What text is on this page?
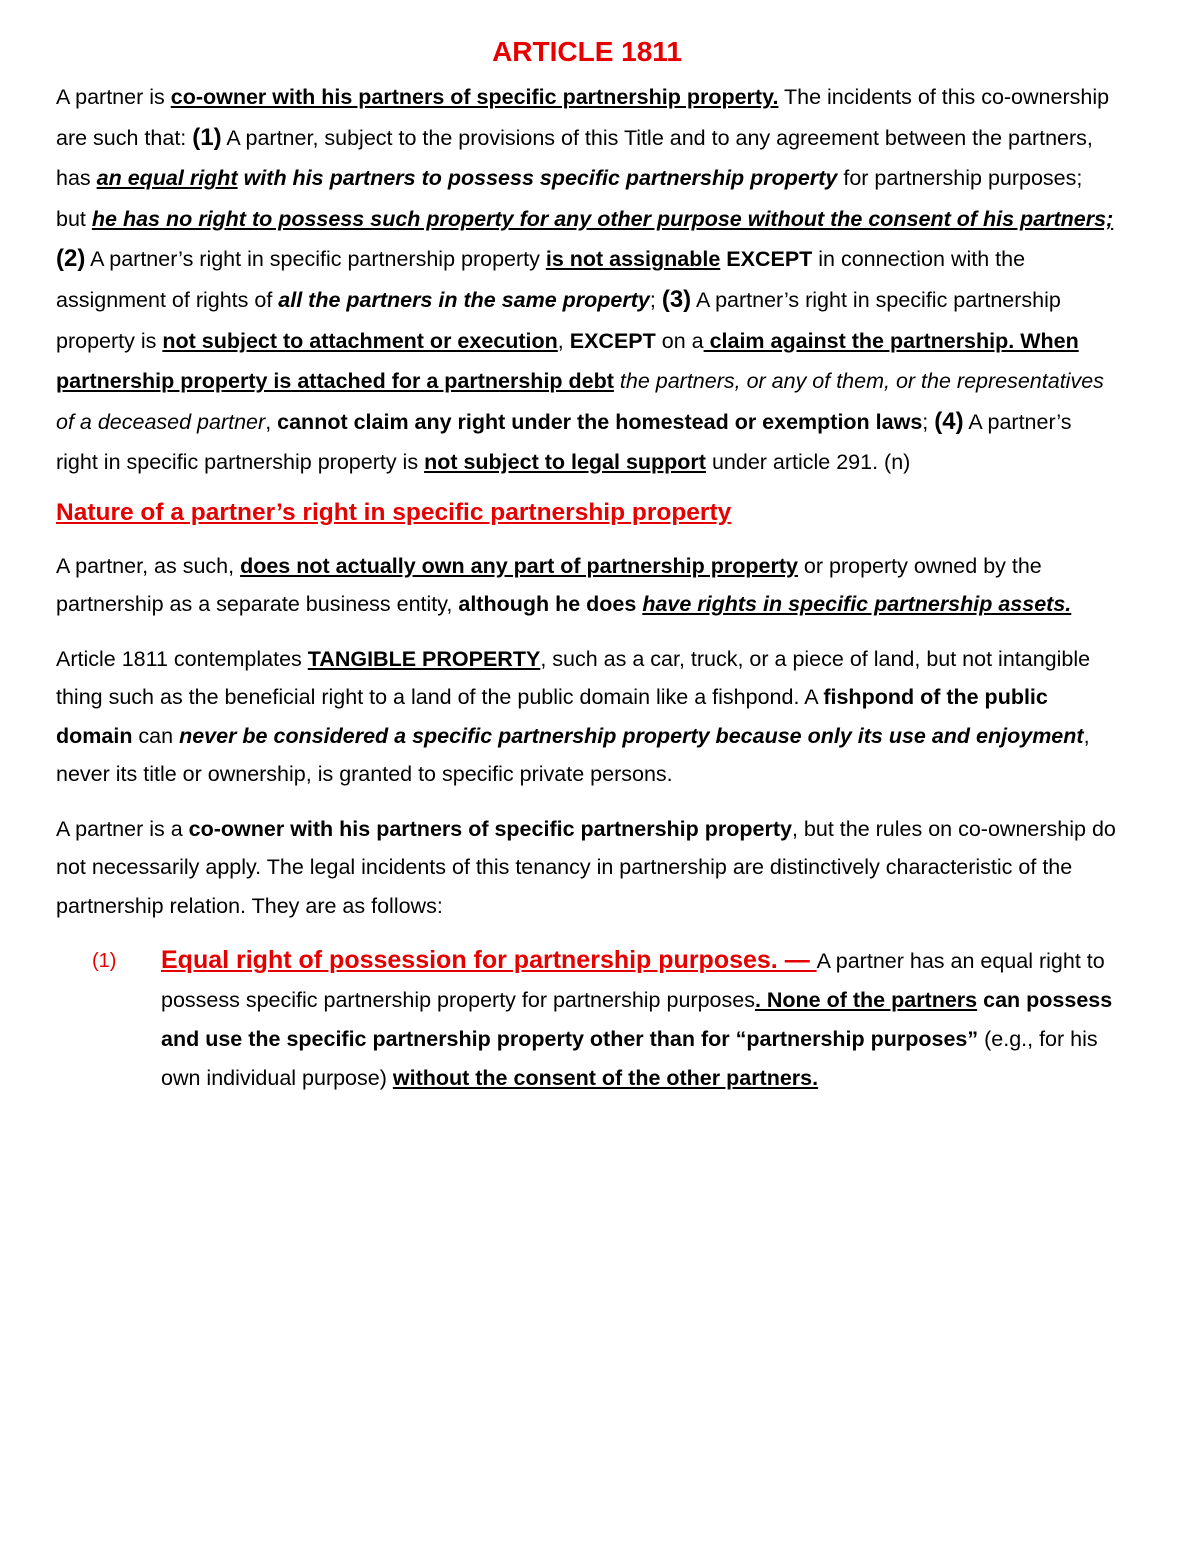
ARTICLE 1811

A partner is co-owner with his partners of specific partnership property. The incidents of this co-ownership are such that: (1) A partner, subject to the provisions of this Title and to any agreement between the partners, has an equal right with his partners to possess specific partnership property for partnership purposes; but he has no right to possess such property for any other purpose without the consent of his partners; (2) A partner’s right in specific partnership property is not assignable EXCEPT in connection with the assignment of rights of all the partners in the same property; (3) A partner’s right in specific partnership property is not subject to attachment or execution, EXCEPT on a claim against the partnership. When partnership property is attached for a partnership debt the partners, or any of them, or the representatives of a deceased partner, cannot claim any right under the homestead or exemption laws; (4) A partner’s right in specific partnership property is not subject to legal support under article 291. (n)

Nature of a partner’s right in specific partnership property

A partner, as such, does not actually own any part of partnership property or property owned by the partnership as a separate business entity, although he does have rights in specific partnership assets.

Article 1811 contemplates TANGIBLE PROPERTY, such as a car, truck, or a piece of land, but not intangible thing such as the beneficial right to a land of the public domain like a fishpond. A fishpond of the public domain can never be considered a specific partnership property because only its use and enjoyment, never its title or ownership, is granted to specific private persons.

A partner is a co-owner with his partners of specific partnership property, but the rules on co-ownership do not necessarily apply. The legal incidents of this tenancy in partnership are distinctively characteristic of the partnership relation. They are as follows:

(1)	Equal right of possession for partnership purposes. — A partner has an equal right to possess specific partnership property for partnership purposes. None of the partners can possess and use the specific partnership property other than for “partnership purposes” (e.g., for his own individual purpose) without the consent of the other partners.
